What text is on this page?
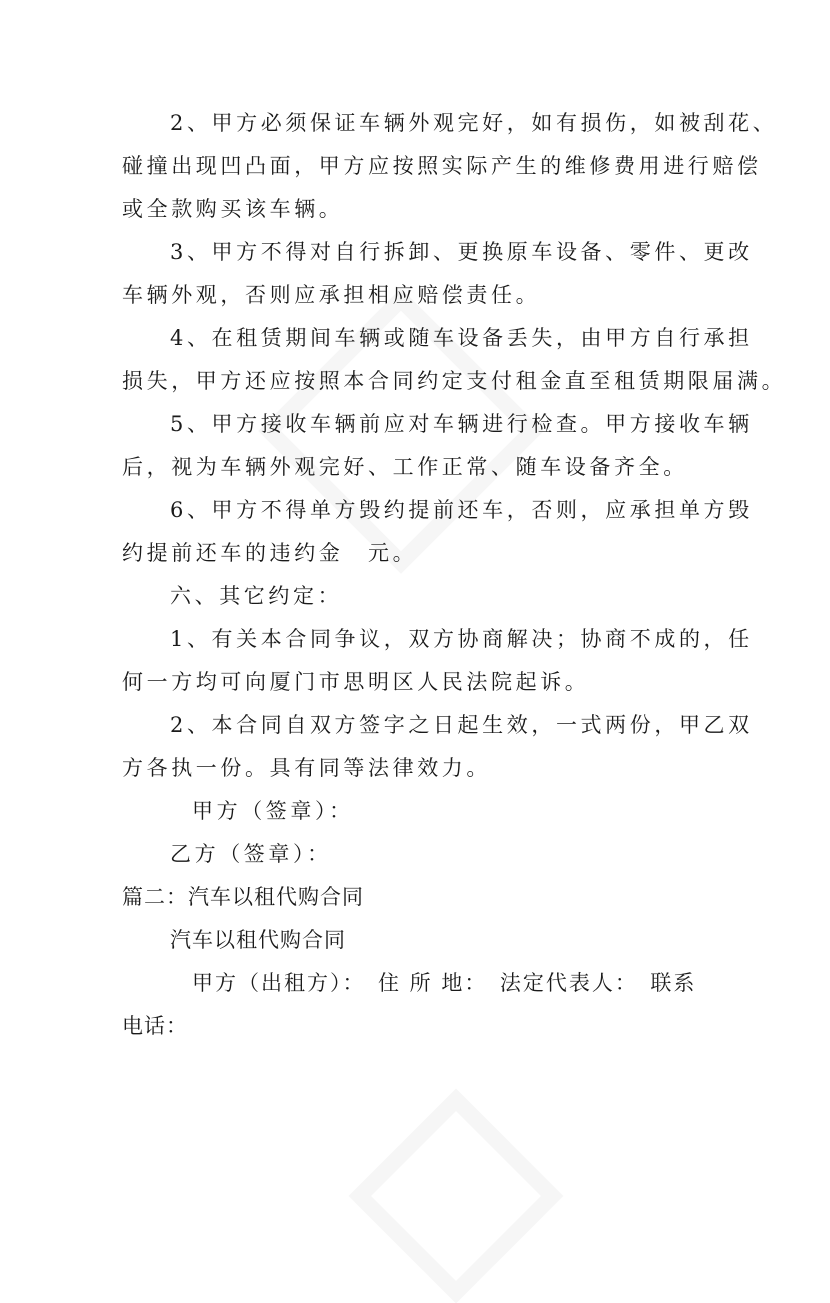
2、甲方必须保证车辆外观完好，如有损伤，如被刮花、
碰撞出现凹凸面，甲方应按照实际产生的维修费用进行赔偿
或全款购买该车辆。
3、甲方不得对自行拆卸、更换原车设备、零件、更改
车辆外观，否则应承担相应赔偿责任。
4、在租赁期间车辆或随车设备丢失，由甲方自行承担
损失，甲方还应按照本合同约定支付租金直至租赁期限届满。
5、甲方接收车辆前应对车辆进行检查。甲方接收车辆
后，视为车辆外观完好、工作正常、随车设备齐全。
6、甲方不得单方毁约提前还车，否则，应承担单方毁
约提前还车的违约金　元。
六、其它约定：
1、有关本合同争议，双方协商解决；协商不成的，任
何一方均可向厦门市思明区人民法院起诉。
2、本合同自双方签字之日起生效，一式两份，甲乙双
方各执一份。具有同等法律效力。
甲方（签章）：
乙方（签章）：
篇二：汽车以租代购合同
汽车以租代购合同
甲方（出租方）：　住 所 地：　法定代表人：　联系
电话：
